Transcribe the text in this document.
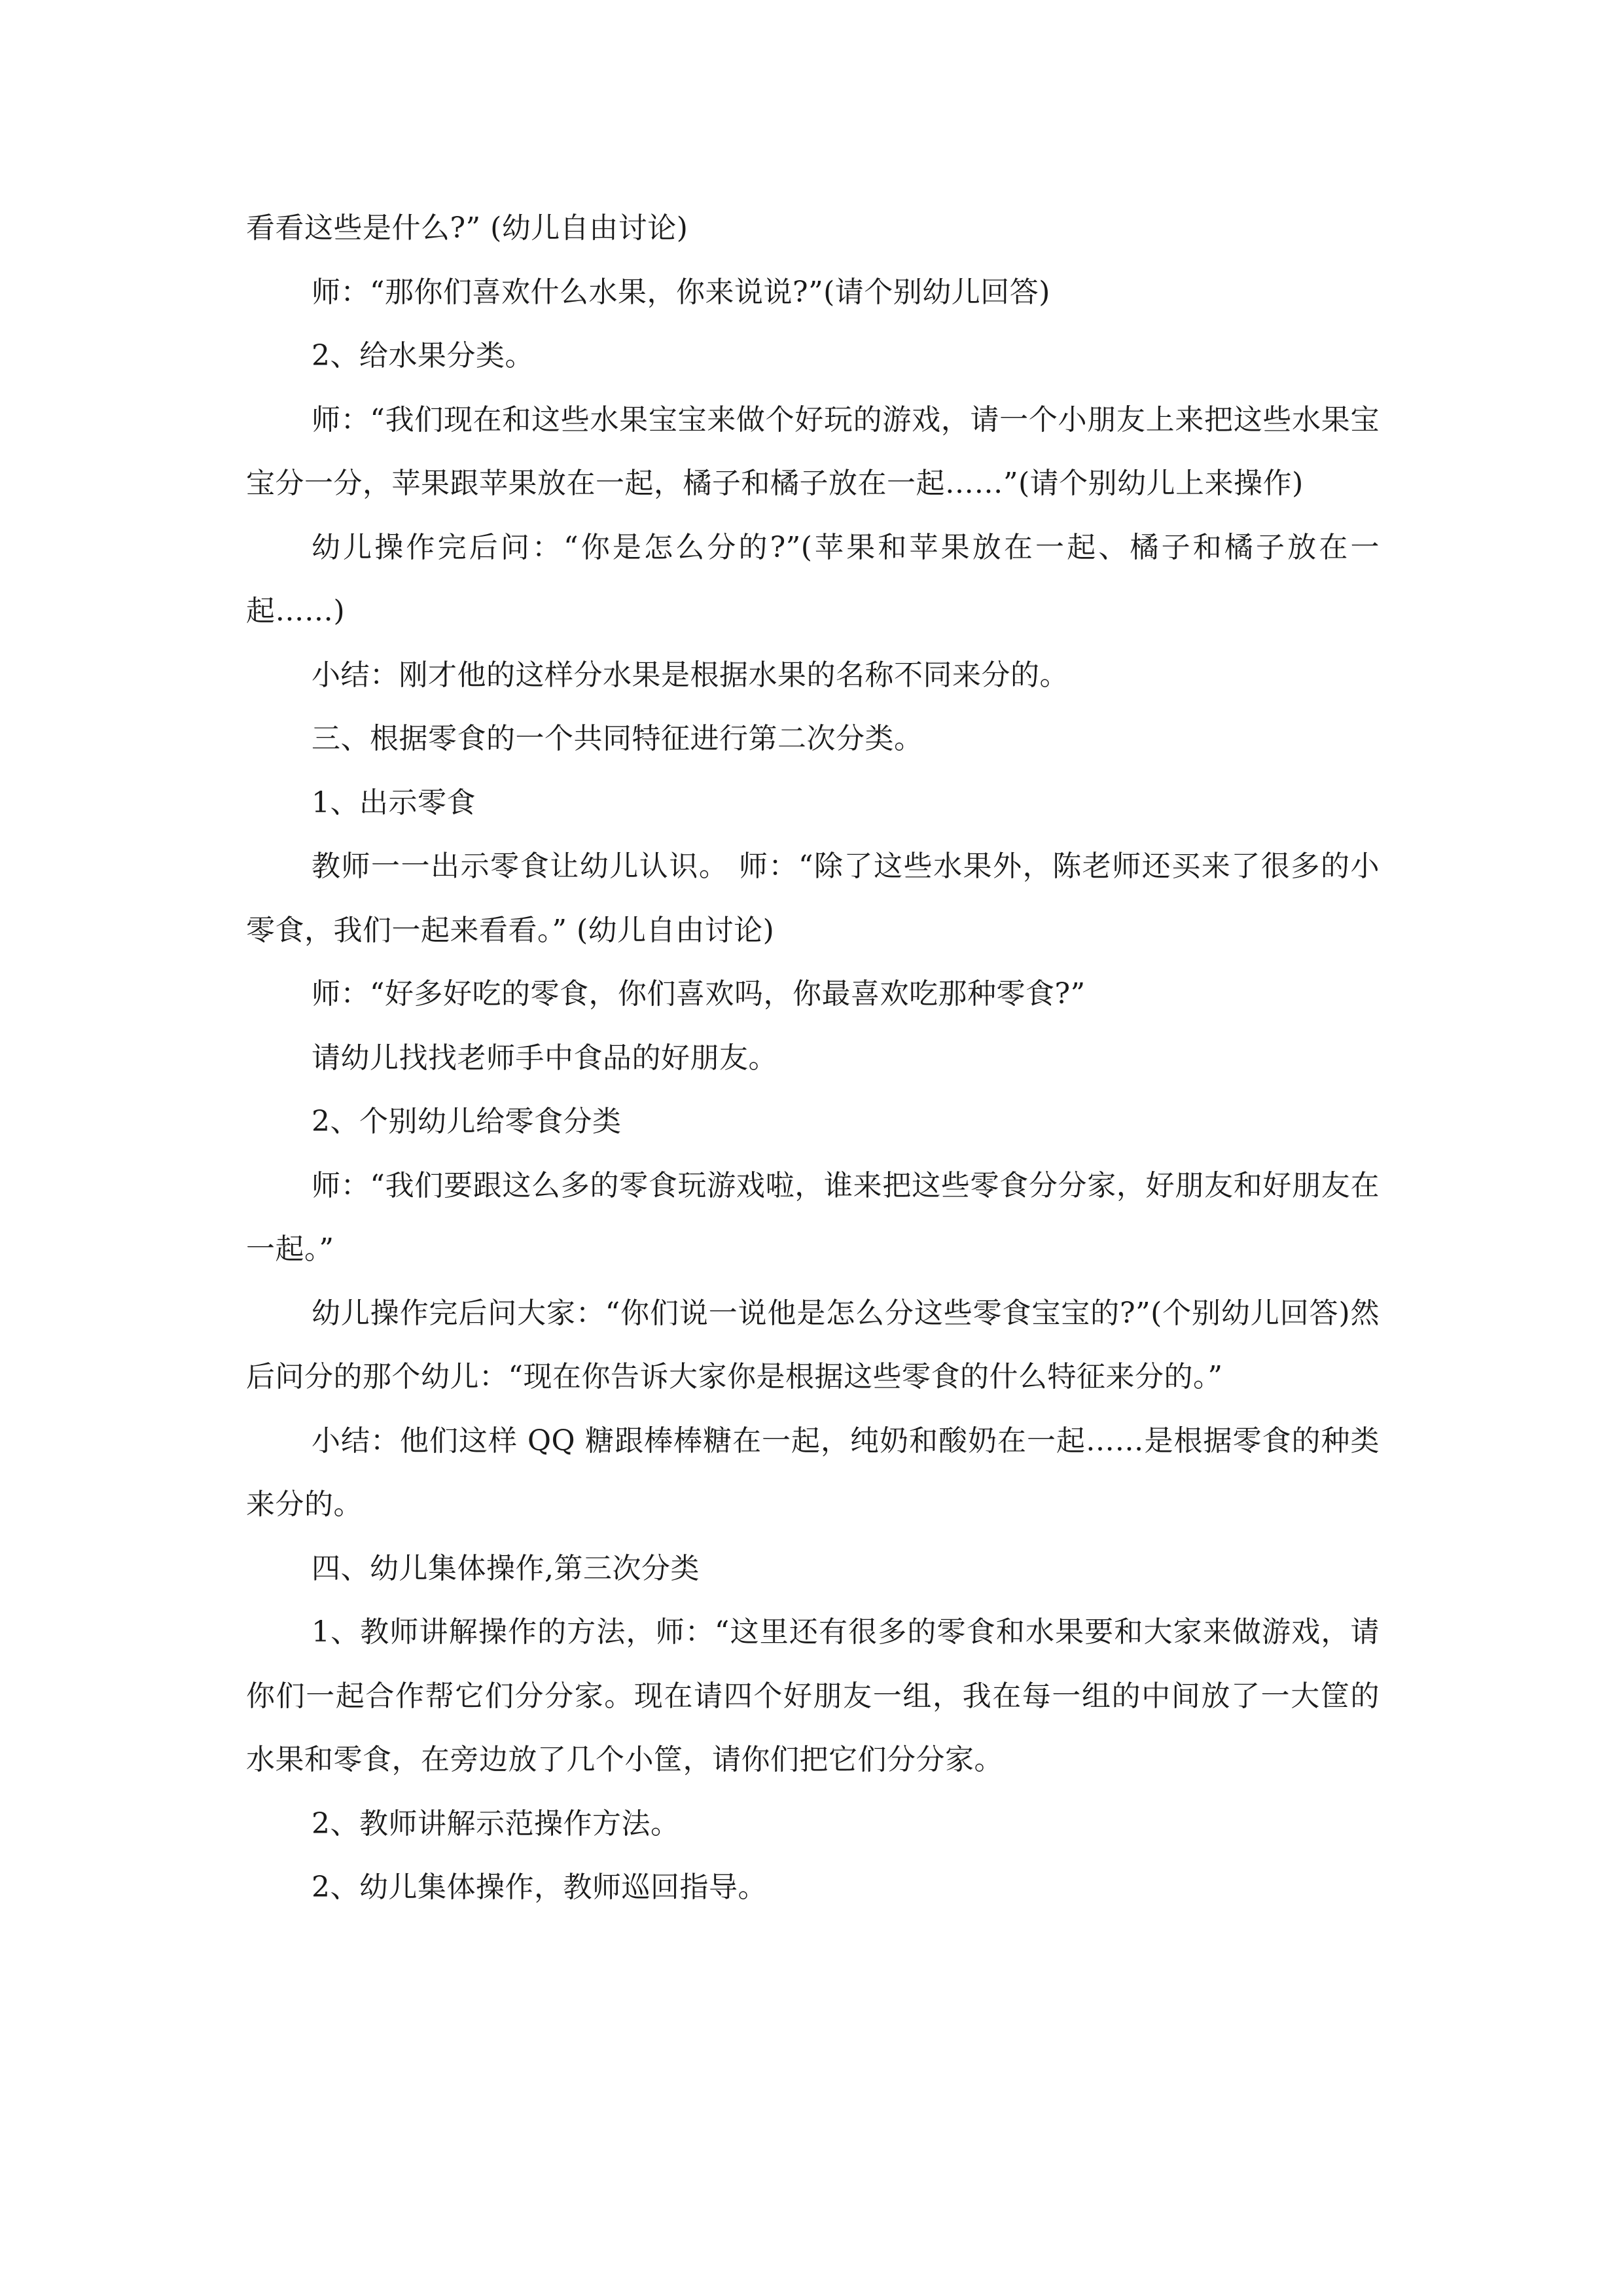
看看这些是什么?” (幼儿自由讨论)

师：“那你们喜欢什么水果，你来说说?”(请个别幼儿回答)

2、给水果分类。

师：“我们现在和这些水果宝宝来做个好玩的游戏，请一个小朋友上来把这些水果宝宝分一分，苹果跟苹果放在一起，橘子和橘子放在一起……”(请个别幼儿上来操作)

幼儿操作完后问：“你是怎么分的?”(苹果和苹果放在一起、橘子和橘子放在一起……)

小结：刚才他的这样分水果是根据水果的名称不同来分的。

三、根据零食的一个共同特征进行第二次分类。

1、出示零食

教师一一出示零食让幼儿认识。 师：“除了这些水果外，陈老师还买来了很多的小零食，我们一起来看看。” (幼儿自由讨论)

师：“好多好吃的零食，你们喜欢吗，你最喜欢吃那种零食?”

请幼儿找找老师手中食品的好朋友。

2、个别幼儿给零食分类

师：“我们要跟这么多的零食玩游戏啦，谁来把这些零食分分家，好朋友和好朋友在一起。”

幼儿操作完后问大家：“你们说一说他是怎么分这些零食宝宝的?”(个别幼儿回答)然后问分的那个幼儿：“现在你告诉大家你是根据这些零食的什么特征来分的。”

小结：他们这样 QQ 糖跟棒棒糖在一起，纯奶和酸奶在一起……是根据零食的种类来分的。

四、幼儿集体操作,第三次分类

1、教师讲解操作的方法，师：“这里还有很多的零食和水果要和大家来做游戏，请你们一起合作帮它们分分家。现在请四个好朋友一组，我在每一组的中间放了一大筐的水果和零食，在旁边放了几个小筐，请你们把它们分分家。

2、教师讲解示范操作方法。

2、幼儿集体操作，教师巡回指导。
